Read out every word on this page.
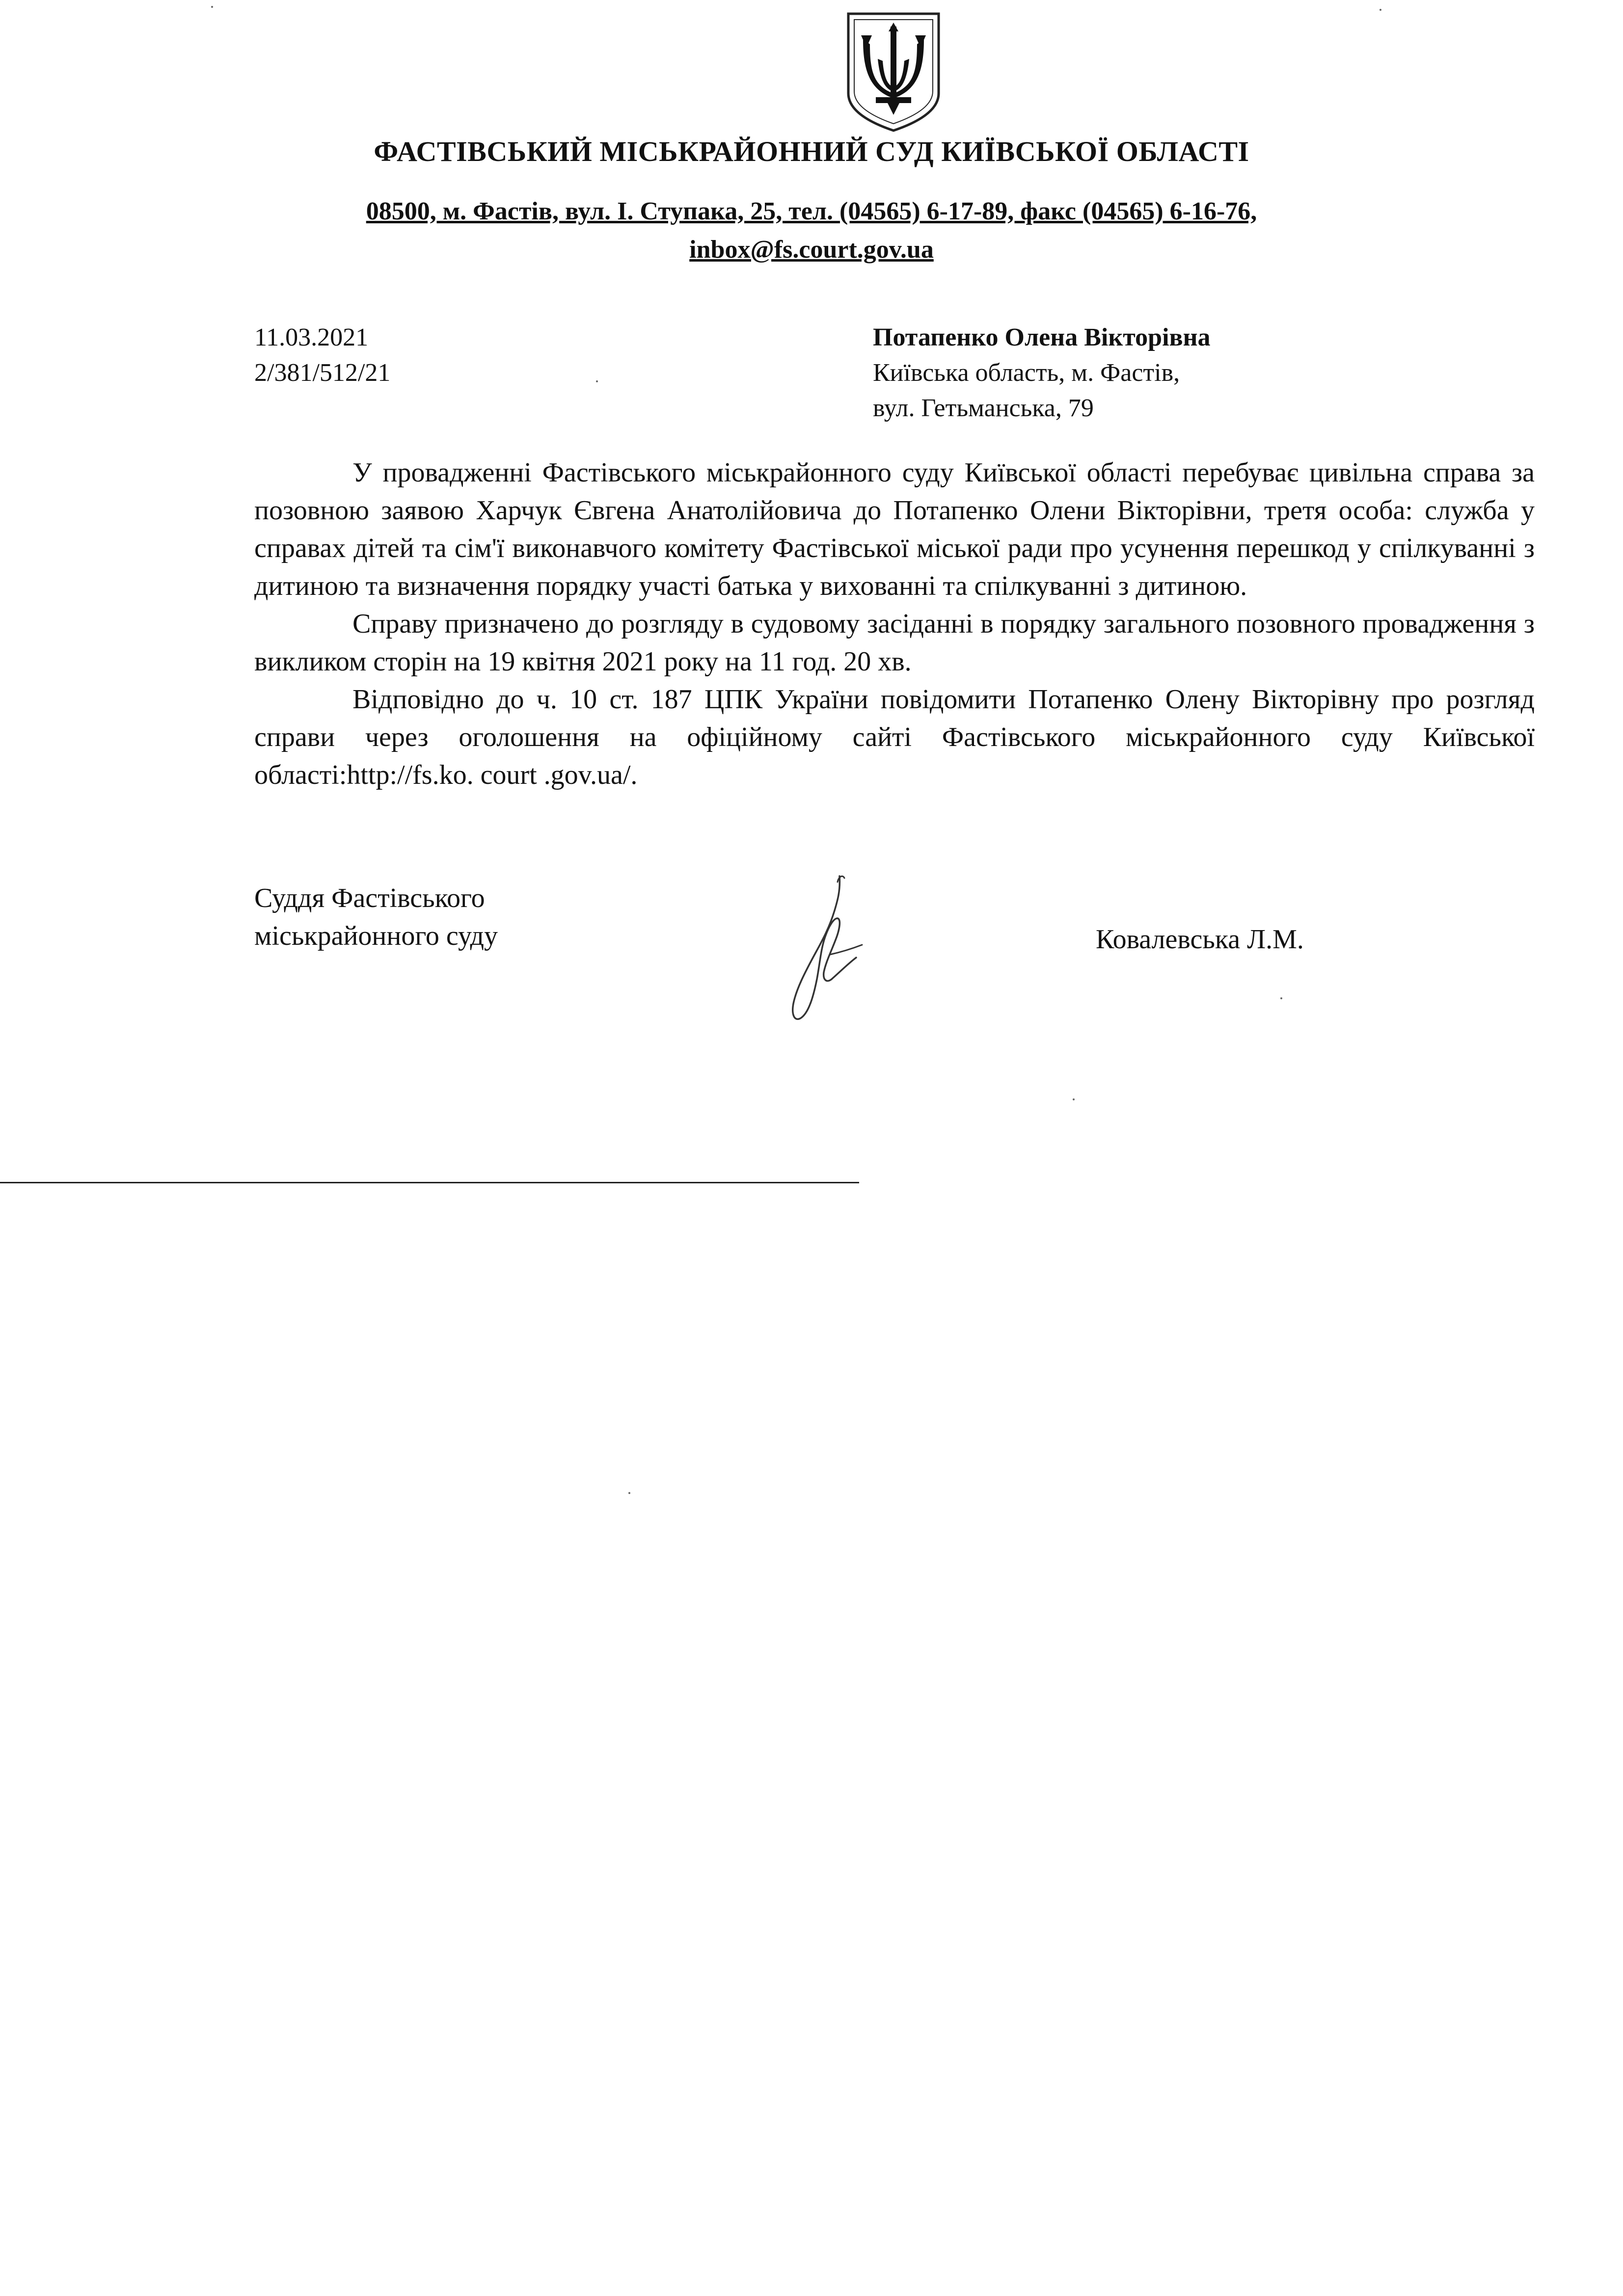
ФАСТІВСЬКИЙ МІСЬКРАЙОННИЙ СУД КИЇВСЬКОЇ ОБЛАСТІ
08500, м. Фастів, вул. І. Ступака, 25, тел. (04565) 6-17-89, факс (04565) 6-16-76,
inbox@fs.court.gov.ua
11.03.2021
2/381/512/21
Потапенко Олена Вікторівна
Київська область, м. Фастів,
вул. Гетьманська, 79

У провадженні Фастівського міськрайонного суду Київської області перебуває цивільна справа за позовною заявою Харчук Євгена Анатолійовича до Потапенко Олени Вікторівни, третя особа: служба у справах дітей та сім'ї виконавчого комітету Фастівської міської ради про усунення перешкод у спілкуванні з дитиною та визначення порядку участі батька у вихованні та спілкуванні з дитиною.

Справу призначено до розгляду в судовому засіданні в порядку загального позовного провадження з викликом сторін на 19 квітня 2021 року на 11 год. 20 хв.

Відповідно до ч. 10 ст. 187 ЦПК України повідомити Потапенко Олену Вікторівну про розгляд справи через оголошення на офіційному сайті Фастівського міськрайонного суду Київської області:http://fs.ko. court .gov.ua/.

Суддя Фастівського
міськрайонного суду	Ковалевська Л.М.
